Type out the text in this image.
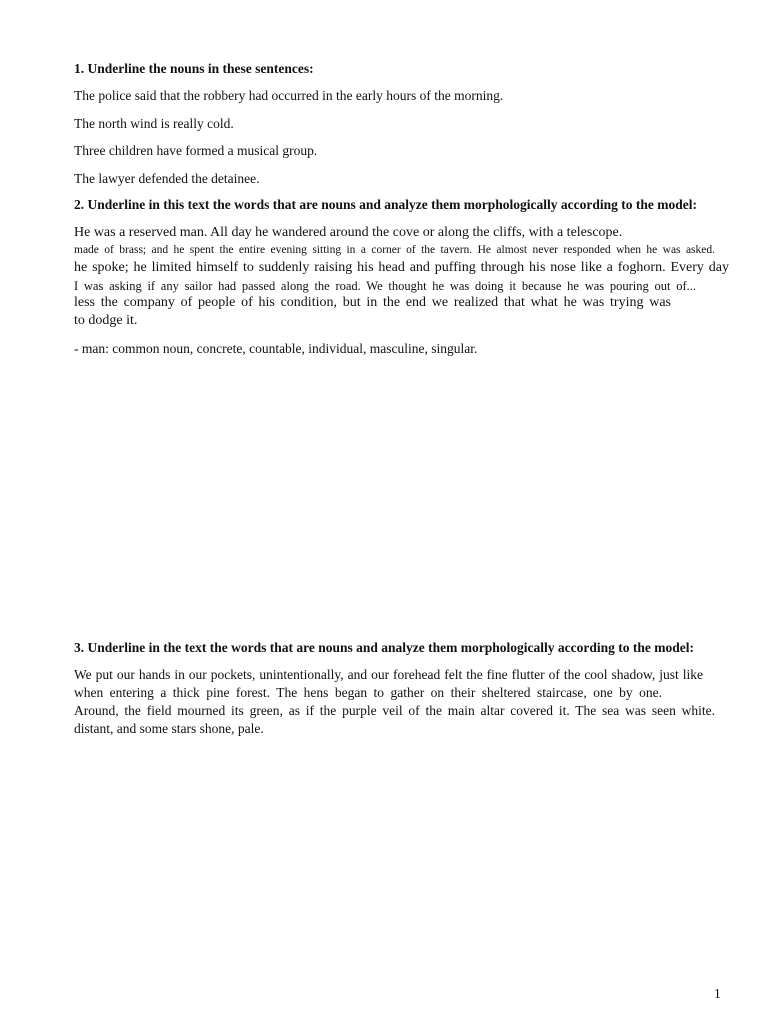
1. Underline the nouns in these sentences:
The police said that the robbery had occurred in the early hours of the morning.
The north wind is really cold.
Three children have formed a musical group.
The lawyer defended the detainee.
2. Underline in this text the words that are nouns and analyze them morphologically according to the model:
He was a reserved man. All day he wandered around the cove or along the cliffs, with a telescope.
made of brass; and he spent the entire evening sitting in a corner of the tavern. He almost never responded when he was asked.
he spoke; he limited himself to suddenly raising his head and puffing through his nose like a foghorn. Every day
I was asking if any sailor had passed along the road. We thought he was doing it because he was pouring out of...
less the company of people of his condition, but in the end we realized that what he was trying was
to dodge it.
- man: common noun, concrete, countable, individual, masculine, singular.
3. Underline in the text the words that are nouns and analyze them morphologically according to the model:
We put our hands in our pockets, unintentionally, and our forehead felt the fine flutter of the cool shadow, just like
when entering a thick pine forest. The hens began to gather on their sheltered staircase, one by one.
Around, the field mourned its green, as if the purple veil of the main altar covered it. The sea was seen white.
distant, and some stars shone, pale.
1
